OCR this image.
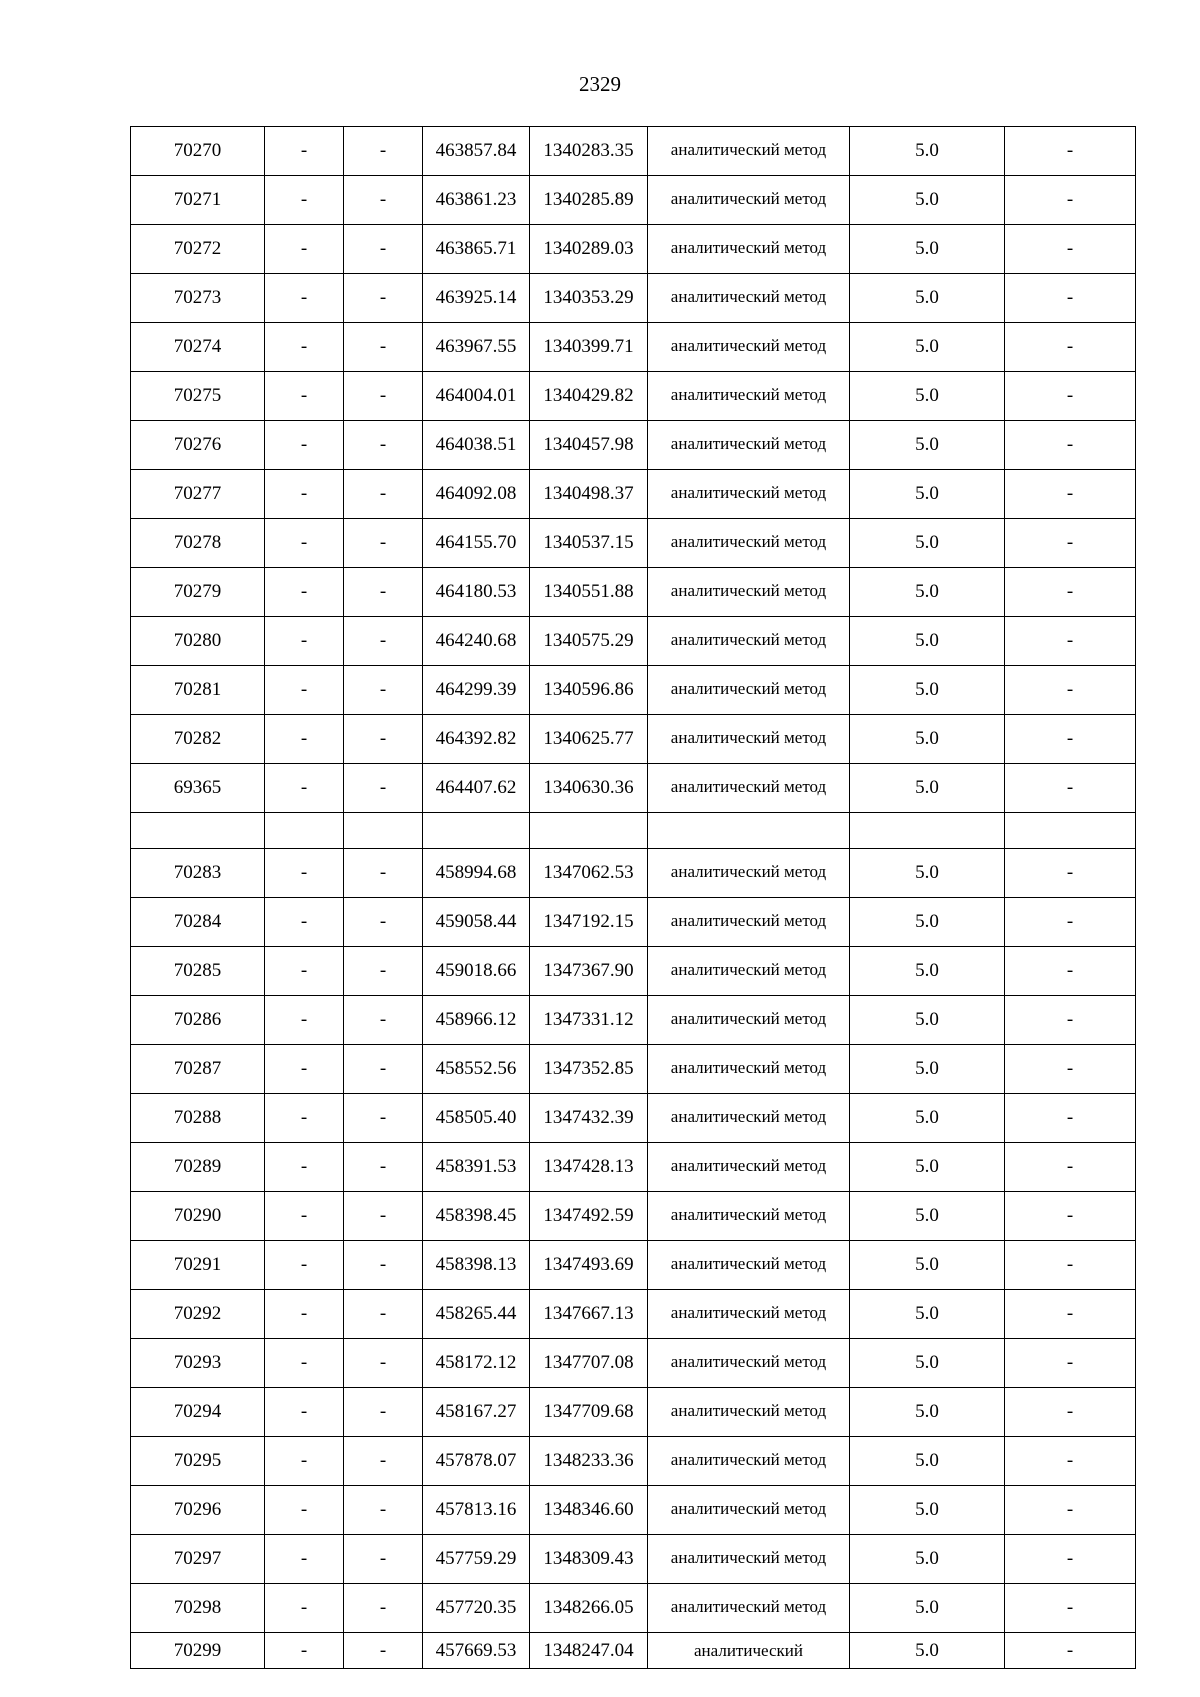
2329
70270	-	-	463857.84	1340283.35	аналитический метод	5.0	-
70271	-	-	463861.23	1340285.89	аналитический метод	5.0	-
70272	-	-	463865.71	1340289.03	аналитический метод	5.0	-
70273	-	-	463925.14	1340353.29	аналитический метод	5.0	-
70274	-	-	463967.55	1340399.71	аналитический метод	5.0	-
70275	-	-	464004.01	1340429.82	аналитический метод	5.0	-
70276	-	-	464038.51	1340457.98	аналитический метод	5.0	-
70277	-	-	464092.08	1340498.37	аналитический метод	5.0	-
70278	-	-	464155.70	1340537.15	аналитический метод	5.0	-
70279	-	-	464180.53	1340551.88	аналитический метод	5.0	-
70280	-	-	464240.68	1340575.29	аналитический метод	5.0	-
70281	-	-	464299.39	1340596.86	аналитический метод	5.0	-
70282	-	-	464392.82	1340625.77	аналитический метод	5.0	-
69365	-	-	464407.62	1340630.36	аналитический метод	5.0	-

70283	-	-	458994.68	1347062.53	аналитический метод	5.0	-
70284	-	-	459058.44	1347192.15	аналитический метод	5.0	-
70285	-	-	459018.66	1347367.90	аналитический метод	5.0	-
70286	-	-	458966.12	1347331.12	аналитический метод	5.0	-
70287	-	-	458552.56	1347352.85	аналитический метод	5.0	-
70288	-	-	458505.40	1347432.39	аналитический метод	5.0	-
70289	-	-	458391.53	1347428.13	аналитический метод	5.0	-
70290	-	-	458398.45	1347492.59	аналитический метод	5.0	-
70291	-	-	458398.13	1347493.69	аналитический метод	5.0	-
70292	-	-	458265.44	1347667.13	аналитический метод	5.0	-
70293	-	-	458172.12	1347707.08	аналитический метод	5.0	-
70294	-	-	458167.27	1347709.68	аналитический метод	5.0	-
70295	-	-	457878.07	1348233.36	аналитический метод	5.0	-
70296	-	-	457813.16	1348346.60	аналитический метод	5.0	-
70297	-	-	457759.29	1348309.43	аналитический метод	5.0	-
70298	-	-	457720.35	1348266.05	аналитический метод	5.0	-
70299	-	-	457669.53	1348247.04	аналитический	5.0	-
